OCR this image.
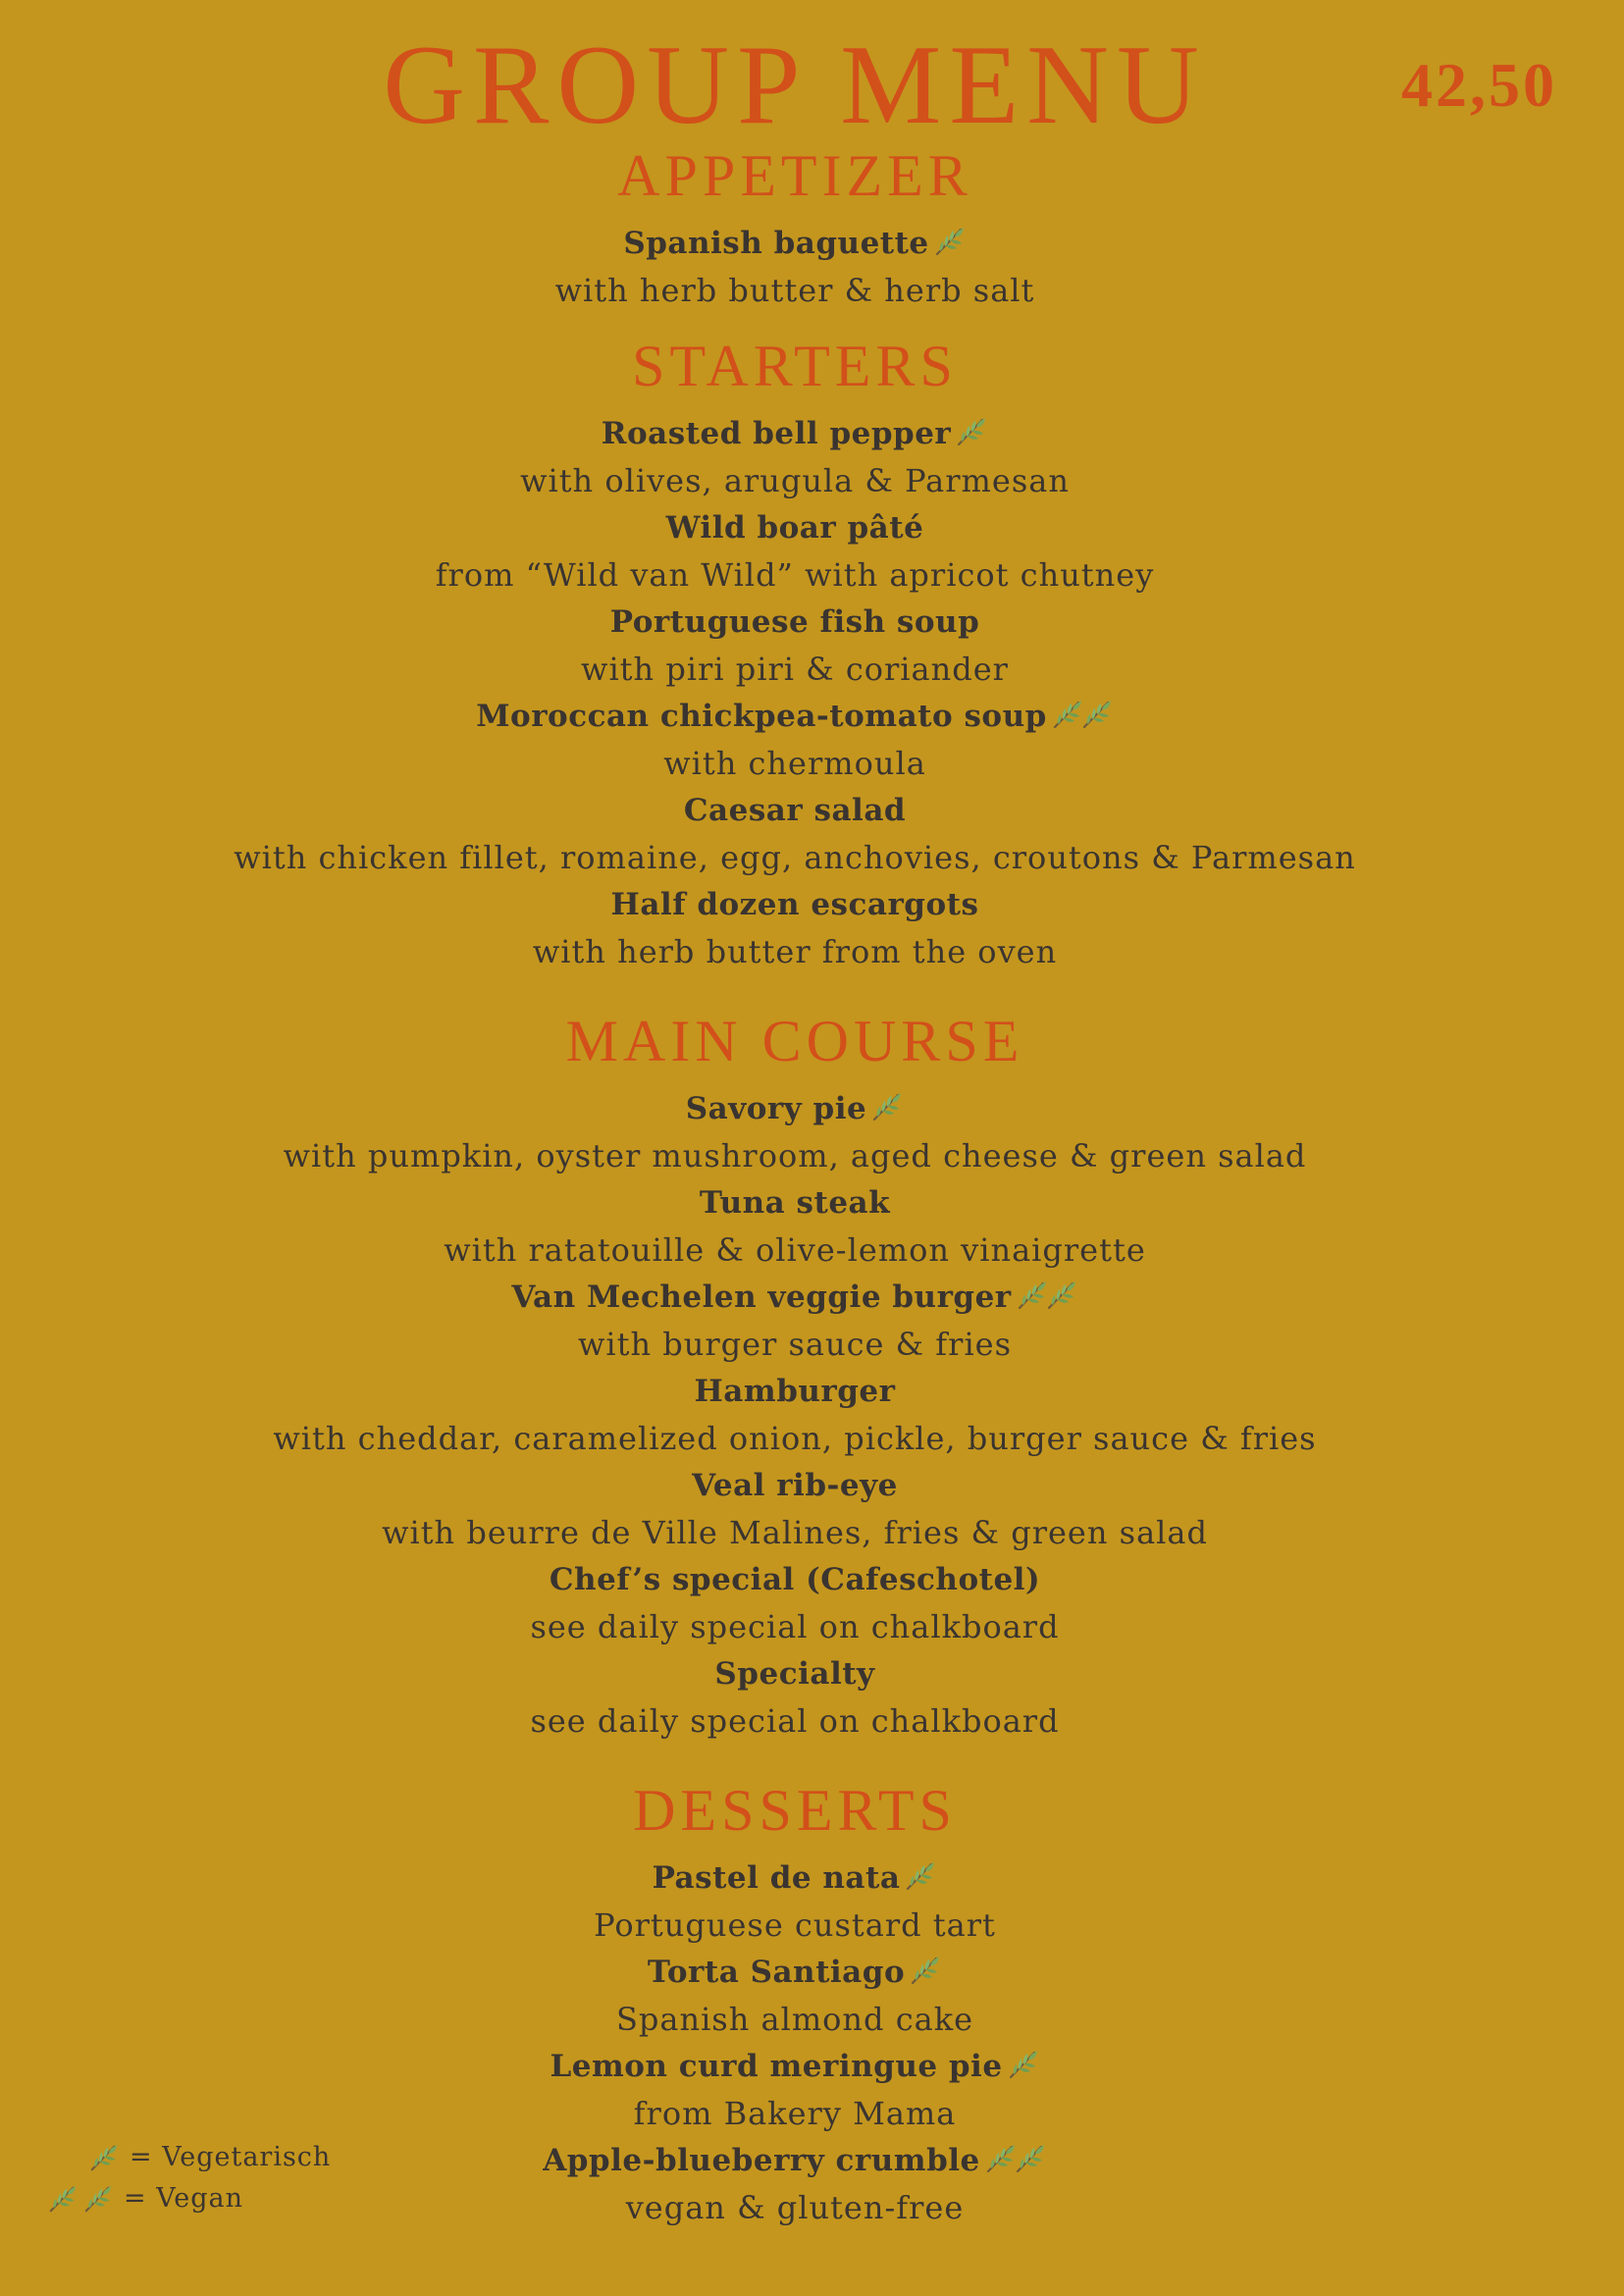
GROUP MENU	42,50
APPETIZER
Spanish baguette
with herb butter & herb salt
STARTERS
Roasted bell pepper
with olives, arugula & Parmesan
Wild boar pâté
from “Wild van Wild” with apricot chutney
Portuguese fish soup
with piri piri & coriander
Moroccan chickpea-tomato soup
with chermoula
Caesar salad
with chicken fillet, romaine, egg, anchovies, croutons & Parmesan
Half dozen escargots
with herb butter from the oven
MAIN COURSE
Savory pie
with pumpkin, oyster mushroom, aged cheese & green salad
Tuna steak
with ratatouille & olive-lemon vinaigrette
Van Mechelen veggie burger
with burger sauce & fries
Hamburger
with cheddar, caramelized onion, pickle, burger sauce & fries
Veal rib-eye
with beurre de Ville Malines, fries & green salad
Chef’s special (Cafeschotel)
see daily special on chalkboard
Specialty
see daily special on chalkboard
DESSERTS
Pastel de nata
Portuguese custard tart
Torta Santiago
Spanish almond cake
Lemon curd meringue pie
from Bakery Mama
Apple-blueberry crumble
vegan & gluten-free
= Vegetarisch
= Vegan
